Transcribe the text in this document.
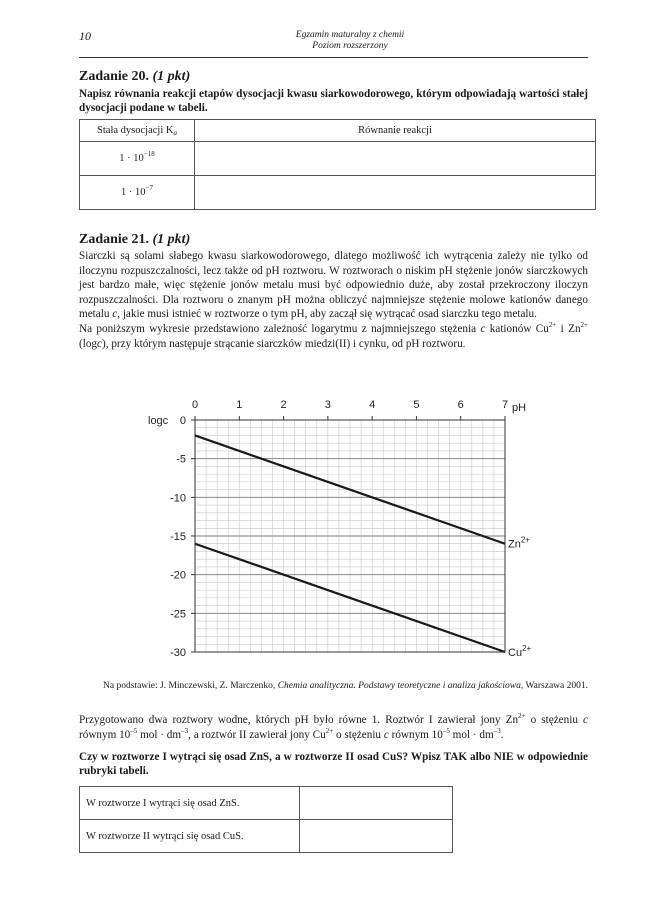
10	Egzamin maturalny z chemii
Poziom rozszerzony
Zadanie 20. (1 pkt)
Napisz równania reakcji etapów dysocjacji kwasu siarkowodorowego, którym odpowiadają wartości stałej dysocjacji podane w tabeli.
Stała dysocjacji $K_a$	Równanie reakcji
$1 \cdot 10^{-18}$	
$1 \cdot 10^{-7}$	
Zadanie 21. (1 pkt)

Siarczki są solami słabego kwasu siarkowodorowego, dlatego możliwość ich wytrącenia zależy nie tylko od iloczynu rozpuszczalności, lecz także od pH roztworu. W roztworach o niskim pH stężenie jonów siarczkowych jest bardzo małe, więc stężenie jonów metalu musi być odpowiednio duże, aby został przekroczony iloczyn rozpuszczalności. Dla roztworu o znanym pH można obliczyć najmniejsze stężenie molowe kationów danego metalu c, jakie musi istnieć w roztworze o tym pH, aby zaczął się wytrącać osad siarczku tego metalu.

Na poniższym wykresie przedstawiono zależność logarytmu z najmniejszego stężenia c kationów $Cu^{2+}$ i $Zn^{2+}$ (logc), przy którym następuje strącanie siarczków miedzi(II) i cynku, od pH roztworu.

0	1	2	3	4	5	6	7
0
-5
-10
-15
-20
-25
-30
logc
pH
$Zn^{2+}$
$Cu^{2+}$
Na podstawie: J. Minczewski, Z. Marczenko, Chemia analityczna. Podstawy teoretyczne i analiza jakościowa, Warszawa 2001.
Przygotowano dwa roztwory wodne, których pH było równe 1. Roztwór I zawierał jony $Zn^{2+}$ o stężeniu c równym $10^{-5}$ mol · $dm^{-3}$, a roztwór II zawierał jony $Cu^{2+}$ o stężeniu c równym $10^{-5}$ mol · $dm^{-3}$.
Czy w roztworze I wytrąci się osad ZnS, a w roztworze II osad CuS? Wpisz TAK albo NIE w odpowiednie rubryki tabeli.
W roztworze I wytrąci się osad ZnS.	
W roztworze II wytrąci się osad CuS.	
